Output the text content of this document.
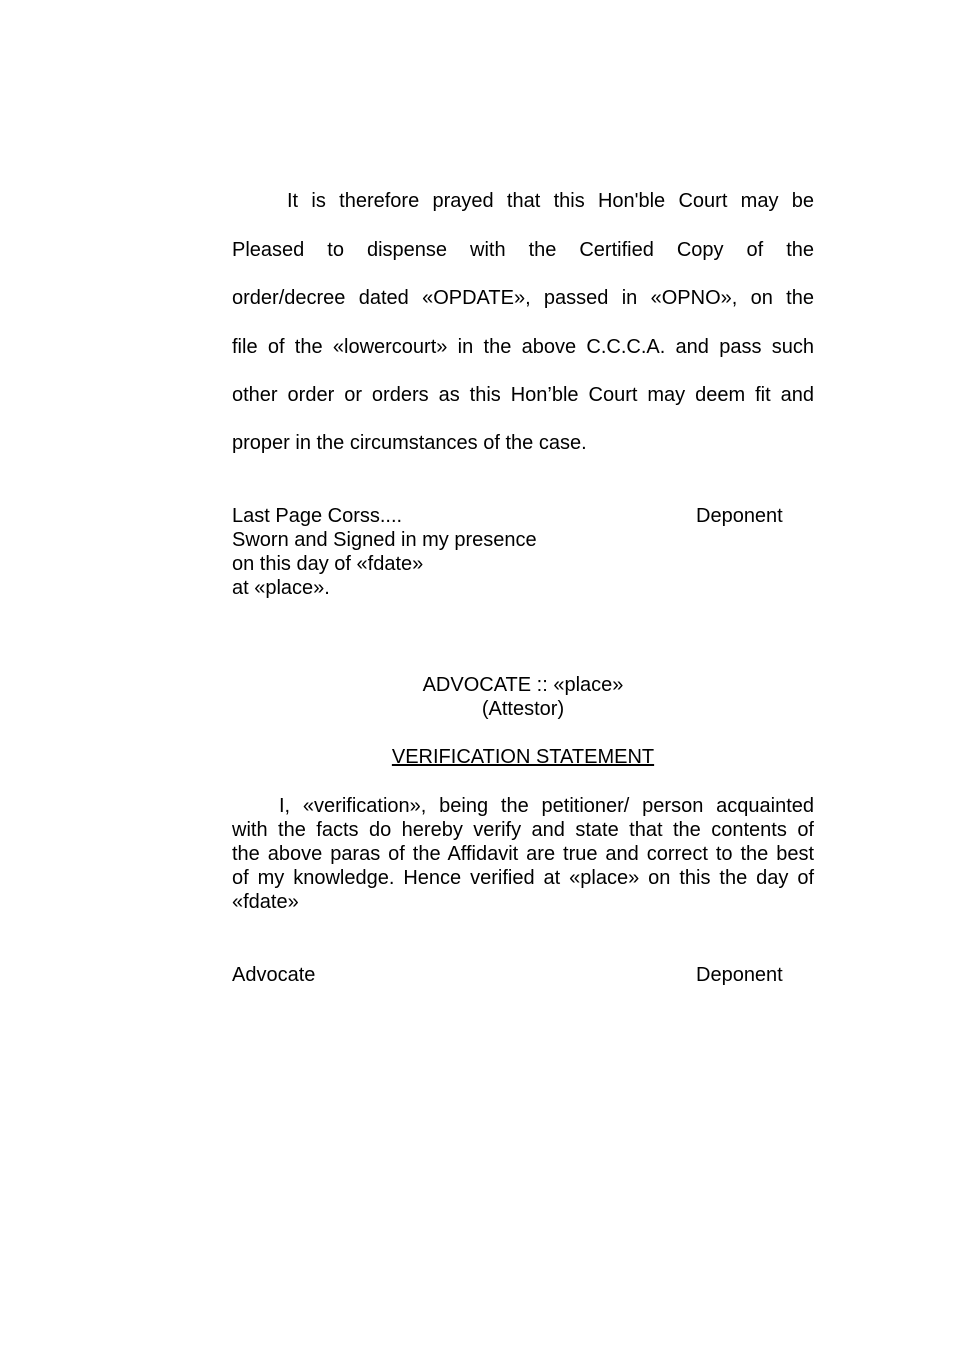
It is therefore prayed that this Hon'ble Court may be
Pleased to dispense with the Certified Copy of the
order/decree dated «OPDATE», passed in «OPNO», on the
file of the «lowercourt» in the above C.C.C.A. and pass such
other order or orders as this Hon’ble Court may deem fit and
proper in the circumstances of the case.
Last Page Corss....	Deponent
Sworn and Signed in my presence
on this day of «fdate»
at «place».
ADVOCATE :: «place»
(Attestor)
VERIFICATION STATEMENT
I, «verification», being the petitioner/ person acquainted
with the facts do hereby verify and state that the contents of
the above paras of the Affidavit are true and correct to the best
of my knowledge. Hence verified at «place» on this the day of
«fdate»
Advocate	Deponent
